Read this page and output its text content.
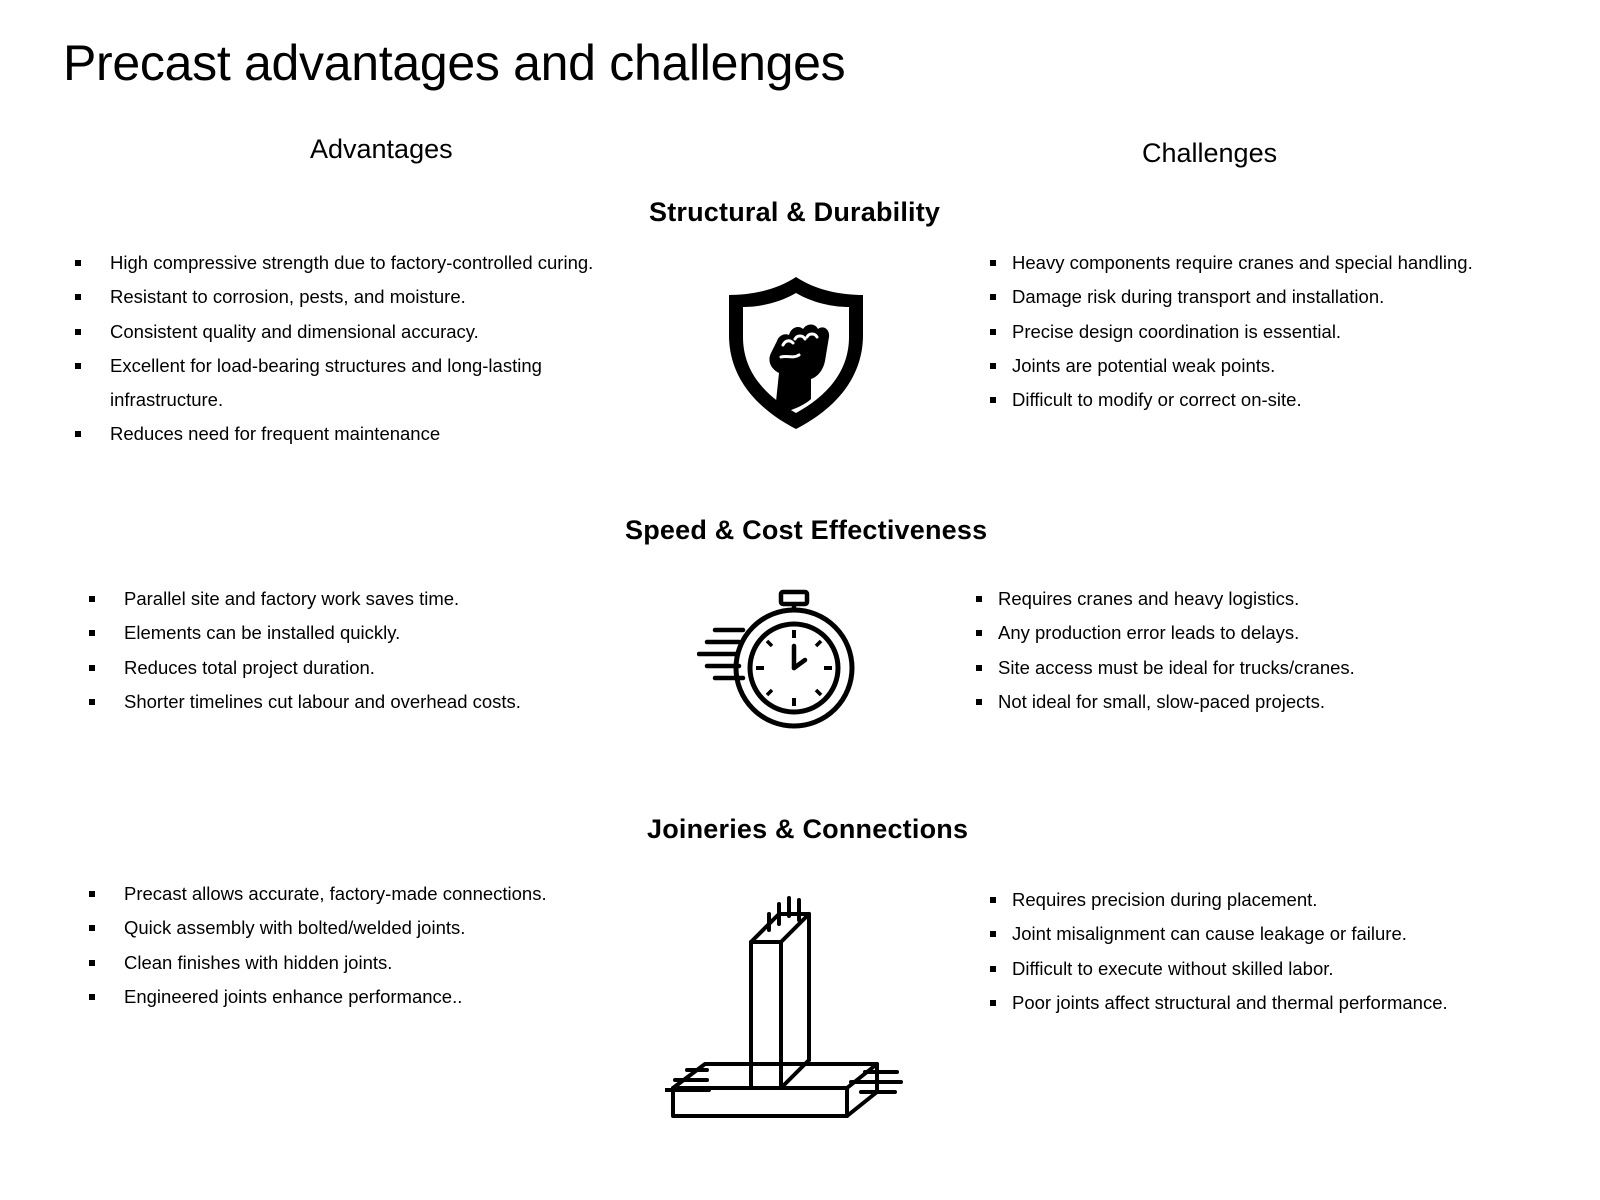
Precast advantages and challenges
Advantages	Challenges
Structural & Durability
High compressive strength due to factory-controlled curing.
Resistant to corrosion, pests, and moisture.
Consistent quality and dimensional accuracy.
Excellent for load-bearing structures and long-lasting infrastructure.
Reduces need for frequent maintenance
Heavy components require cranes and special handling.
Damage risk during transport and installation.
Precise design coordination is essential.
Joints are potential weak points.
Difficult to modify or correct on-site.
Speed & Cost Effectiveness
Parallel site and factory work saves time.
Elements can be installed quickly.
Reduces total project duration.
Shorter timelines cut labour and overhead costs.
Requires cranes and heavy logistics.
Any production error leads to delays.
Site access must be ideal for trucks/cranes.
Not ideal for small, slow-paced projects.
Joineries & Connections
Precast allows accurate, factory-made connections.
Quick assembly with bolted/welded joints.
Clean finishes with hidden joints.
Engineered joints enhance performance..
Requires precision during placement.
Joint misalignment can cause leakage or failure.
Difficult to execute without skilled labor.
Poor joints affect structural and thermal performance.
